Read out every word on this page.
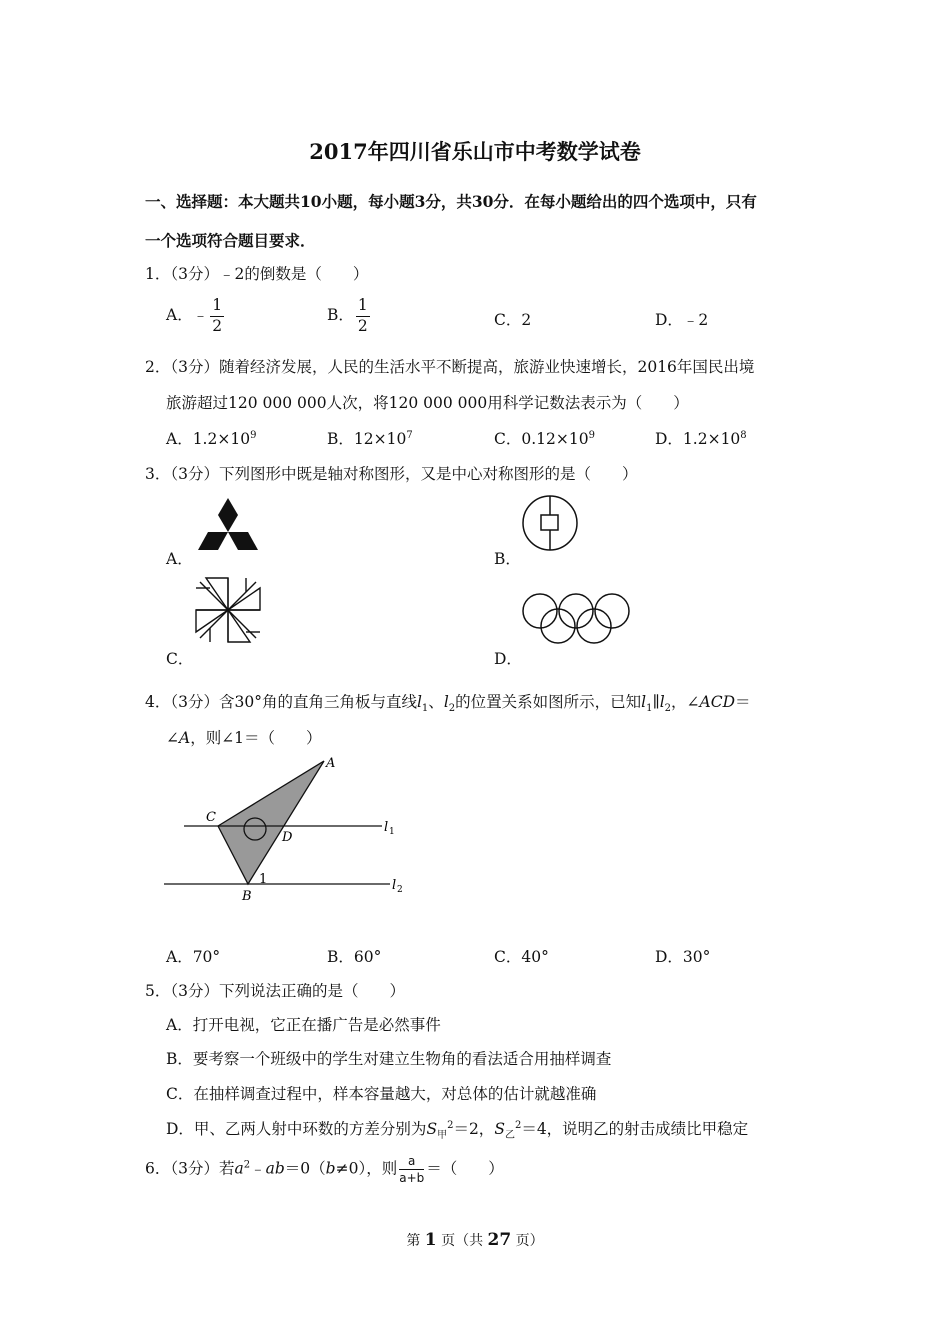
2017年四川省乐山市中考数学试卷
一、选择题：本大题共10小题，每小题3分，共30分．在每小题给出的四个选项中，只有
一个选项符合题目要求．
1．（3分）﹣2的倒数是（　　）
A．﹣ $\frac{1}{2}$	B． $\frac{1}{2}$	C．2	D．﹣2
2．（3分）随着经济发展，人民的生活水平不断提高，旅游业快速增长，2016年国民出境
旅游超过120 000 000人次，将120 000 000用科学记数法表示为（　　）
A．$1.2\times 10^9$	B．$12\times 10^7$	C．$0.12\times 10^9$	D．$1.2\times 10^8$
3．（3分）下列图形中既是轴对称图形，又是中心对称图形的是（　　）
A．	B．
C．	D．
4．（3分）含30°角的直角三角板与直线$l_1$、$l_2$的位置关系如图所示，已知$l_1\parallel l_2$，∠ACD＝
∠A，则∠1＝（　　）
A
C
D
B
1
l 1
l 2
A．70°	B．60°	C．40°	D．30°
5．（3分）下列说法正确的是（　　）
A．打开电视，它正在播广告是必然事件
B．要考察一个班级中的学生对建立生物角的看法适合用抽样调查
C．在抽样调查过程中，样本容量越大，对总体的估计就越准确
D．甲、乙两人射中环数的方差分别为$S_甲^2=2$，$S_乙^2=4$，说明乙的射击成绩比甲稳定
6．（3分）若$a^2﹣ab=0(b\ne 0)$，则 $\frac{a}{a+b}$ ＝（　　）
第 1 页（共 27 页）
